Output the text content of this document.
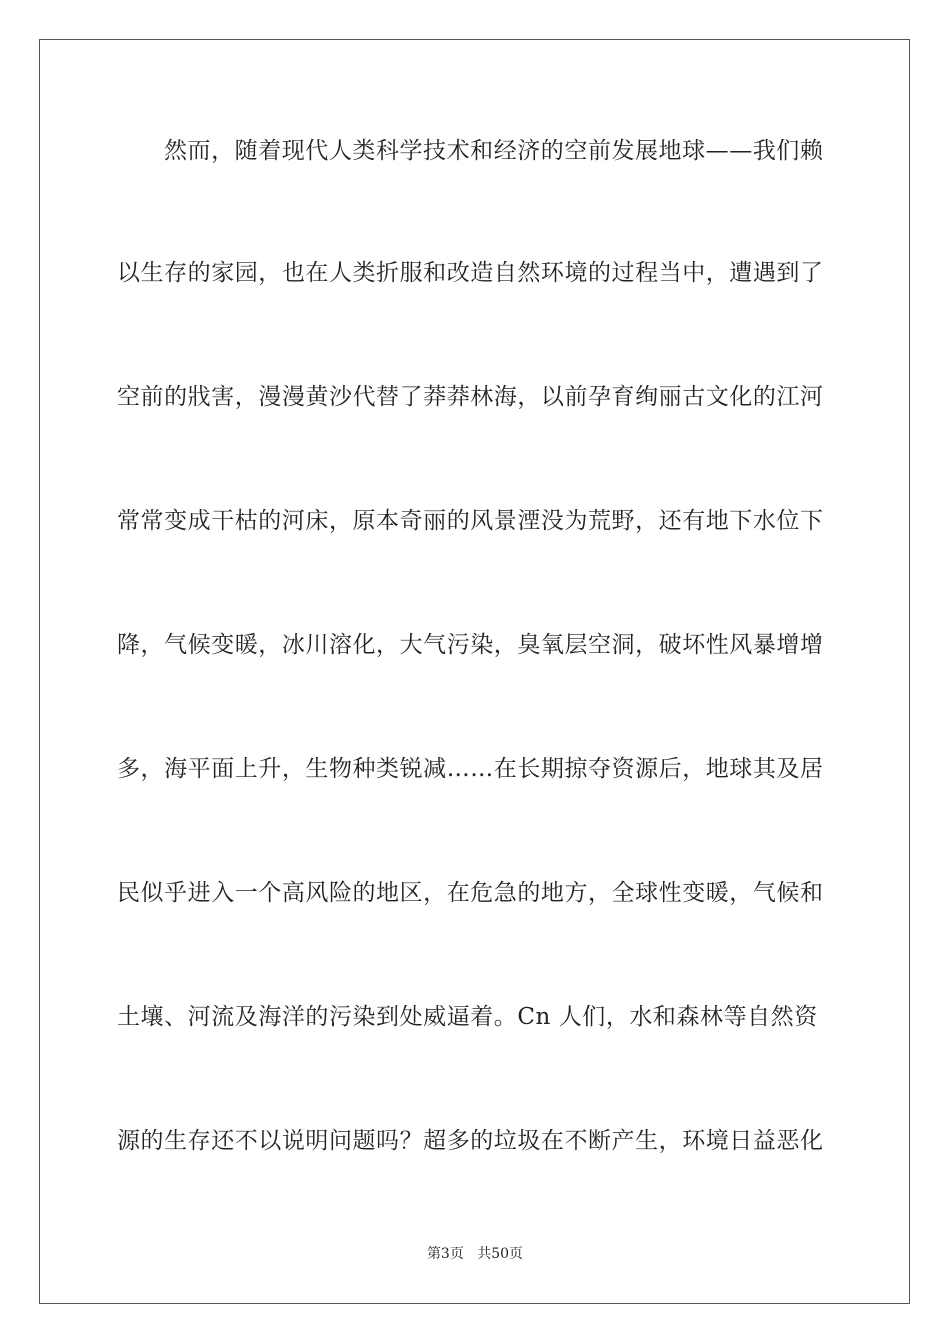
然而，随着现代人类科学技术和经济的空前发展地球——我们赖
以生存的家园，也在人类折服和改造自然环境的过程当中，遭遇到了
空前的戕害，漫漫黄沙代替了莽莽林海，以前孕育绚丽古文化的江河
常常变成干枯的河床，原本奇丽的风景湮没为荒野，还有地下水位下
降，气候变暖，冰川溶化，大气污染，臭氧层空洞，破坏性风暴增增
多，海平面上升，生物种类锐减……在长期掠夺资源后，地球其及居
民似乎进入一个高风险的地区，在危急的地方，全球性变暖，气候和
土壤、河流及海洋的污染到处威逼着。Cn 人们，水和森林等自然资
源的生存还不以说明问题吗？超多的垃圾在不断产生，环境日益恶化
第3页 共50页
